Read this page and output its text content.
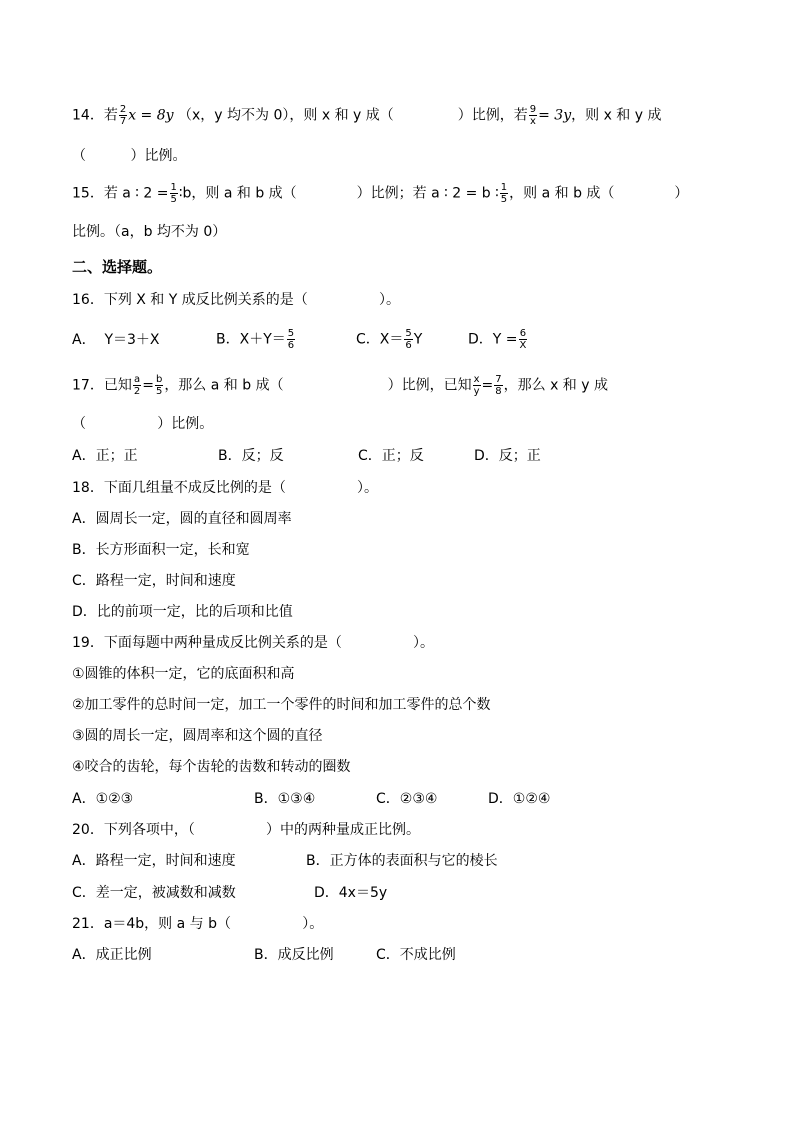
14．若 $\frac{2}{7}$ x = 8y （x，y 均不为 0），则 x 和 y 成（	）比例，若 $\frac{9}{x} = 3y$，则 x 和 y 成
（          ）比例。
15．若 a ∶ $2 = \frac{1}{5}$ ∶b，则 a 和 b 成（	）比例；若 a ∶ 2 = b ∶ $\frac{1}{5}$ ，则 a 和 b 成（	）
比例。（a，b 均不为 0）
二、选择题。
16．下列 X 和 Y 成反比例关系的是（                ）。
A．  Y＝3＋X	B．$X+Y= \frac{5}{6}$	C．$X= \frac{5}{6}$ Y	D．$Y = \frac{6}{X}$
17．已知 $\frac{a}{2} = \frac{b}{5}$ ，那么 a 和 b 成（	）比例，已知 $\frac{x}{y} = \frac{7}{8}$ ，那么 x 和 y 成
（                ）比例。
A．正；正	B．反；反	C．正；反	D．反；正
18．下面几组量不成反比例的是（                ）。
A．圆周长一定，圆的直径和圆周率
B．长方形面积一定，长和宽
C．路程一定，时间和速度
D．比的前项一定，比的后项和比值
19．下面每题中两种量成反比例关系的是（                ）。
①圆锥的体积一定，它的底面积和高
②加工零件的总时间一定，加工一个零件的时间和加工零件的总个数
③圆的周长一定，圆周率和这个圆的直径
④咬合的齿轮，每个齿轮的齿数和转动的圈数
A．①②③	B．①③④	C．②③④	D．①②④
20．下列各项中，（                ）中的两种量成正比例。
A．路程一定，时间和速度	B．正方体的表面积与它的棱长
C．差一定，被减数和减数	D．4x＝5y
21．a＝4b，则 a 与 b（                ）。
A．成正比例	B．成反比例	C．不成比例
